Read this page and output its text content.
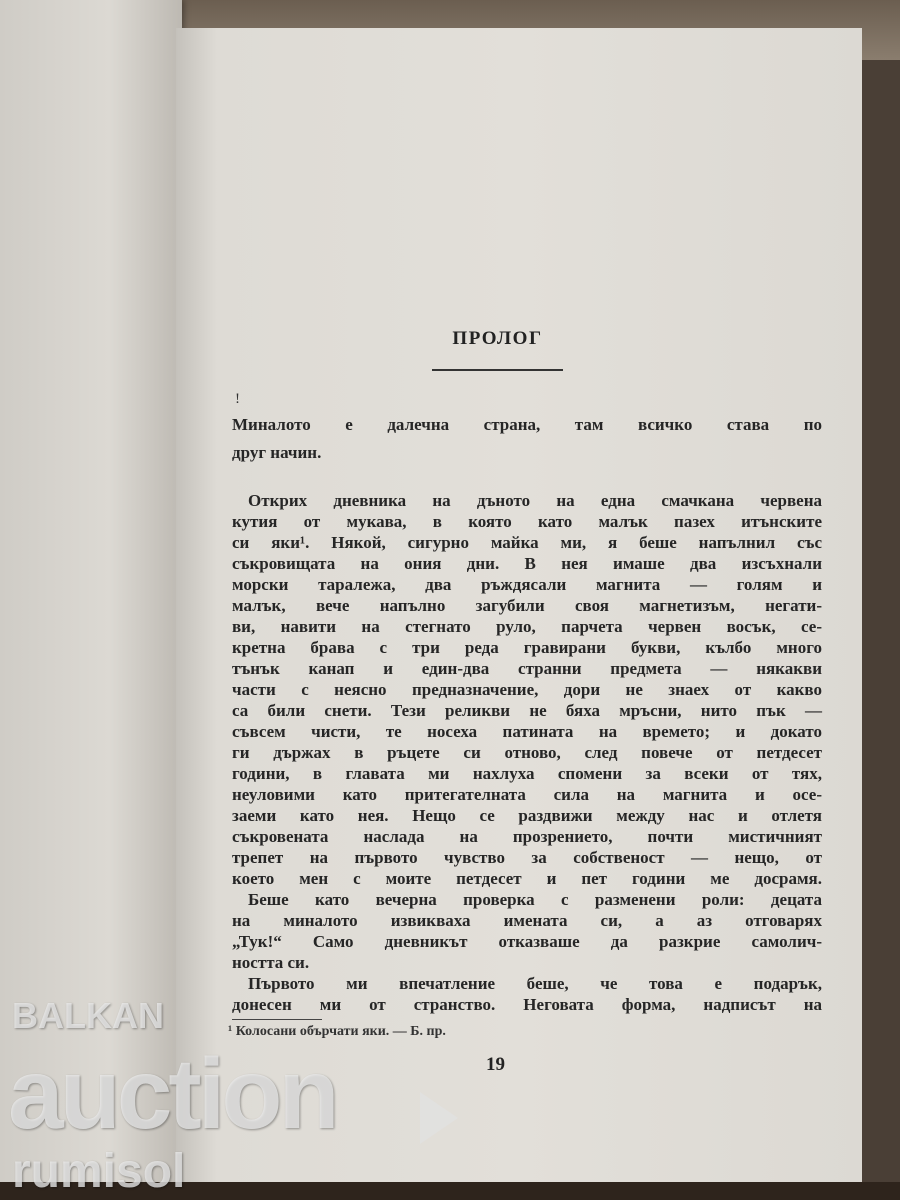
ПРОЛОГ
!
Миналото е далечна страна, там всичко става по
друг начин.
Открих дневника на дъното на една смачкана червена
кутия от мукава, в която като малък пазех итънските
си яки¹. Някой, сигурно майка ми, я беше напълнил със
съкровищата на ония дни. В нея имаше два изсъхнали
морски таралежа, два ръждясали магнита — голям и
малък, вече напълно загубили своя магнетизъм, негати-
ви, навити на стегнато руло, парчета червен восък, се-
кретна брава с три реда гравирани букви, кълбо много
тънък канап и един-два странни предмета — някакви
части с неясно предназначение, дори не знаех от какво
са били снети. Тези реликви не бяха мръсни, нито пък —
съвсем чисти, те носеха патината на времето; и докато
ги държах в ръцете си отново, след повече от петдесет
години, в главата ми нахлуха спомени за всеки от тях,
неуловими като притегателната сила на магнита и осе-
заеми като нея. Нещо се раздвижи между нас и отлетя
съкровената наслада на прозрението, почти мистичният
трепет на първото чувство за собственост — нещо, от
което мен с моите петдесет и пет години ме досрамя.
Беше като вечерна проверка с разменени роли: децата
на миналото извикваха имената си, а аз отговарях
„Тук!“ Само дневникът отказваше да разкрие самолич-
ността си.
Първото ми впечатление беше, че това е подарък,
донесен ми от странство. Неговата форма, надписът на
¹ Колосани обърчати яки. — Б. пр.
19
BALKAN
auction
rumisol
